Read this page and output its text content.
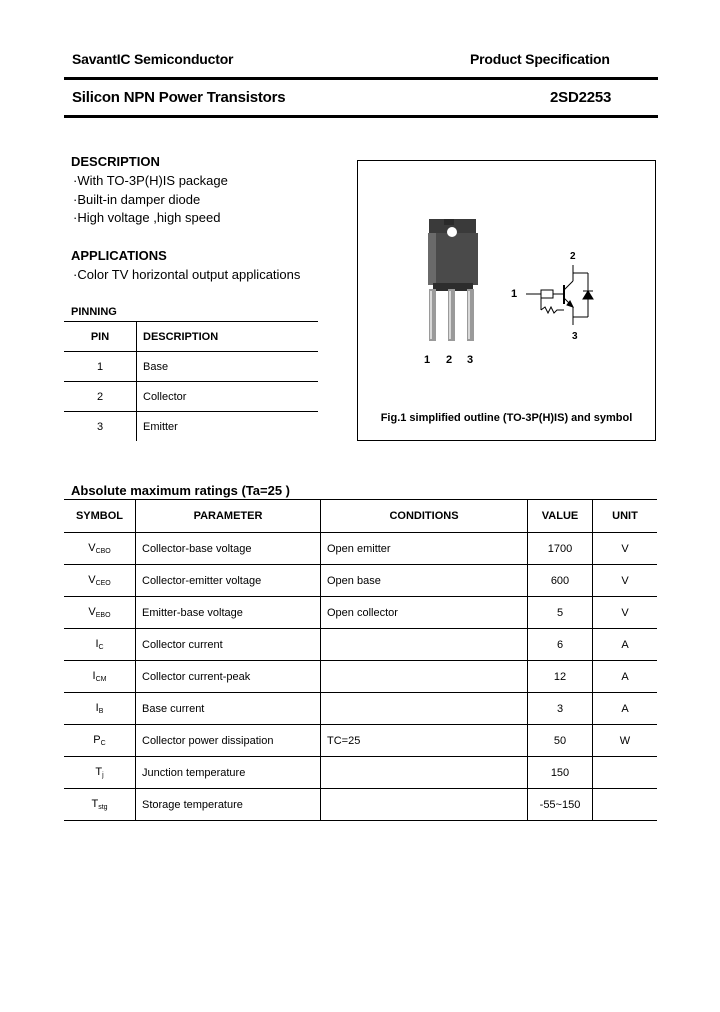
SavantIC Semiconductor	Product Specification
Silicon NPN Power Transistors	2SD2253
DESCRIPTION
·With TO-3P(H)IS package
·Built-in damper diode
·High voltage ,high speed
APPLICATIONS
·Color TV horizontal output applications
PINNING
PIN	DESCRIPTION
1	Base
2	Collector
3	Emitter
1 2 3
2
1
3
Fig.1 simplified outline (TO-3P(H)IS) and symbol
Absolute maximum ratings (Ta=25 )
SYMBOL	PARAMETER	CONDITIONS	VALUE	UNIT
$V_{CBO}$	Collector-base voltage	Open emitter	1700	V
$V_{CEO}$	Collector-emitter voltage	Open base	600	V
$V_{EBO}$	Emitter-base voltage	Open collector	5	V
$I_C$	Collector current		6	A
$I_{CM}$	Collector current-peak		12	A
$I_B$	Base current		3	A
$P_C$	Collector power dissipation	TC=25	50	W
$T_j$	Junction temperature		150	
$T_{stg}$	Storage temperature		-55~150	
